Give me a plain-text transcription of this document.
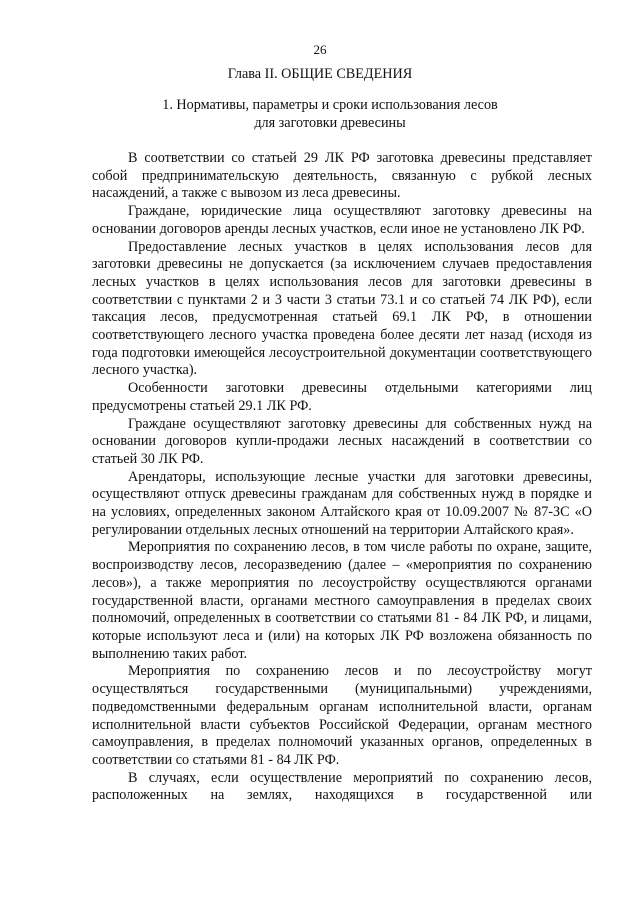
26
Глава II. ОБЩИЕ СВЕДЕНИЯ
1. Нормативы, параметры и сроки использования лесов
для заготовки древесины

В соответствии со статьей 29 ЛК РФ заготовка древесины представляет собой предпринимательскую деятельность, связанную с рубкой лесных насаждений, а также с вывозом из леса древесины.

Граждане, юридические лица осуществляют заготовку древесины на основании договоров аренды лесных участков, если иное не установлено ЛК РФ.

Предоставление лесных участков в целях использования лесов для заготовки древесины не допускается (за исключением случаев предоставления лесных участков в целях использования лесов для заготовки древесины в соответствии с пунктами 2 и 3 части 3 статьи 73.1 и со статьей 74 ЛК РФ), если таксация лесов, предусмотренная статьей 69.1 ЛК РФ, в отношении соответствующего лесного участка проведена более десяти лет назад (исходя из года подготовки имеющейся лесоустроительной документации соответствующего лесного участка).

Особенности заготовки древесины отдельными категориями лиц предусмотрены статьей 29.1 ЛК РФ.

Граждане осуществляют заготовку древесины для собственных нужд на основании договоров купли-продажи лесных насаждений в соответствии со статьей 30 ЛК РФ.

Арендаторы, использующие лесные участки для заготовки древесины, осуществляют отпуск древесины гражданам для собственных нужд в порядке и на условиях, определенных законом Алтайского края от 10.09.2007 № 87-ЗС «О регулировании отдельных лесных отношений на территории Алтайского края».

Мероприятия по сохранению лесов, в том числе работы по охране, защите, воспроизводству лесов, лесоразведению (далее – «мероприятия по сохранению лесов»), а также мероприятия по лесоустройству осуществляются органами государственной власти, органами местного самоуправления в пределах своих полномочий, определенных в соответствии со статьями 81 - 84 ЛК РФ, и лицами, которые используют леса и (или) на которых ЛК РФ возложена обязанность по выполнению таких работ.

Мероприятия по сохранению лесов и по лесоустройству могут осуществляться государственными (муниципальными) учреждениями, подведомственными федеральным органам исполнительной власти, органам исполнительной власти субъектов Российской Федерации, органам местного самоуправления, в пределах полномочий указанных органов, определенных в соответствии со статьями 81 - 84 ЛК РФ.

В случаях, если осуществление мероприятий по сохранению лесов, расположенных на землях, находящихся в государственной или
